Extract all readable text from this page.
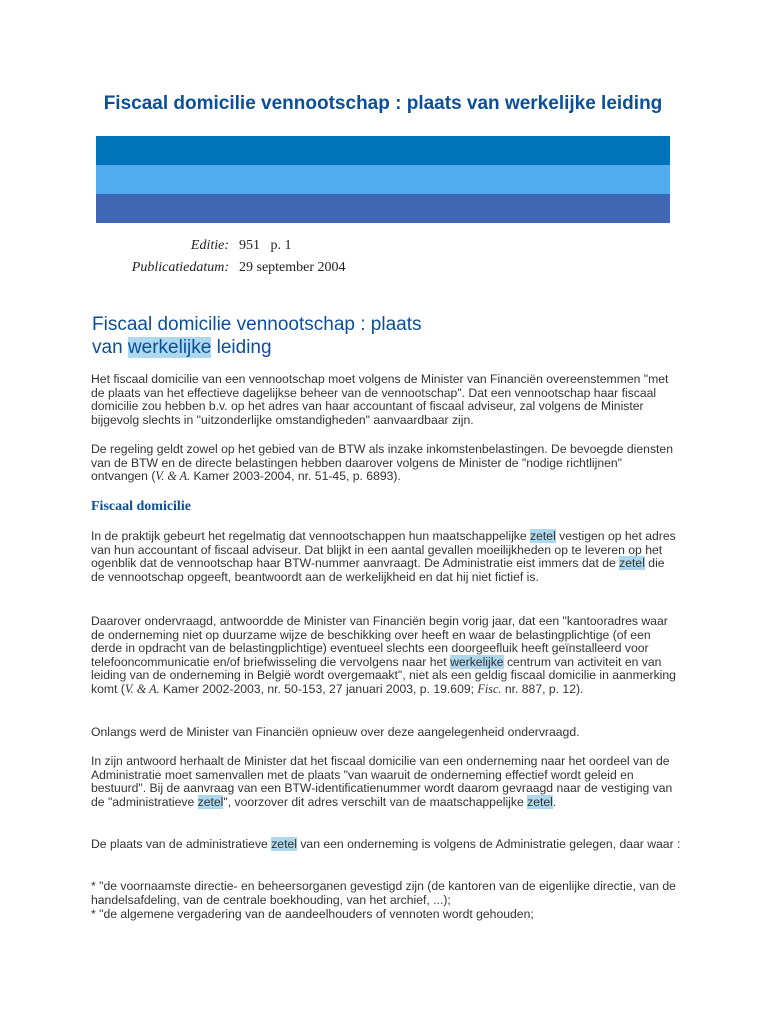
Fiscaal domicilie vennootschap : plaats van werkelijke leiding
Editie: 951   p. 1
Publicatiedatum: 29 september 2004
Fiscaal domicilie vennootschap : plaats
van werkelijke leiding
Het fiscaal domicilie van een vennootschap moet volgens de Minister van Financiën overeenstemmen "met de plaats van het effectieve dagelijkse beheer van de vennootschap". Dat een vennootschap haar fiscaal domicilie zou hebben b.v. op het adres van haar accountant of fiscaal adviseur, zal volgens de Minister bijgevolg slechts in "uitzonderlijke omstandigheden" aanvaardbaar zijn.
De regeling geldt zowel op het gebied van de BTW als inzake inkomstenbelastingen. De bevoegde diensten van de BTW en de directe belastingen hebben daarover volgens de Minister de "nodige richtlijnen" ontvangen (V. & A. Kamer 2003-2004, nr. 51-45, p. 6893).
Fiscaal domicilie
In de praktijk gebeurt het regelmatig dat vennootschappen hun maatschappelijke zetel vestigen op het adres van hun accountant of fiscaal adviseur. Dat blijkt in een aantal gevallen moeilijkheden op te leveren op het ogenblik dat de vennootschap haar BTW-nummer aanvraagt. De Administratie eist immers dat de zetel die de vennootschap opgeeft, beantwoordt aan de werkelijkheid en dat hij niet fictief is.
Daarover ondervraagd, antwoordde de Minister van Financiën begin vorig jaar, dat een "kantooradres waar de onderneming niet op duurzame wijze de beschikking over heeft en waar de belastingplichtige (of een derde in opdracht van de belastingplichtige) eventueel slechts een doorgeefluik heeft geïnstalleerd voor telefooncommunicatie en/of briefwisseling die vervolgens naar het werkelijke centrum van activiteit en van leiding van de onderneming in België wordt overgemaakt", niet als een geldig fiscaal domicilie in aanmerking komt (V. & A. Kamer 2002-2003, nr. 50-153, 27 januari 2003, p. 19.609; Fisc. nr. 887, p. 12).
Onlangs werd de Minister van Financiën opnieuw over deze aangelegenheid ondervraagd.
In zijn antwoord herhaalt de Minister dat het fiscaal domicilie van een onderneming naar het oordeel van de Administratie moet samenvallen met de plaats "van waaruit de onderneming effectief wordt geleid en bestuurd". Bij de aanvraag van een BTW-identificatienummer wordt daarom gevraagd naar de vestiging van de "administratieve zetel", voorzover dit adres verschilt van de maatschappelijke zetel.
De plaats van de administratieve zetel van een onderneming is volgens de Administratie gelegen, daar waar :
* "de voornaamste directie- en beheersorganen gevestigd zijn (de kantoren van de eigenlijke directie, van de handelsafdeling, van de centrale boekhouding, van het archief, ...);
* "de algemene vergadering van de aandeelhouders of vennoten wordt gehouden;
